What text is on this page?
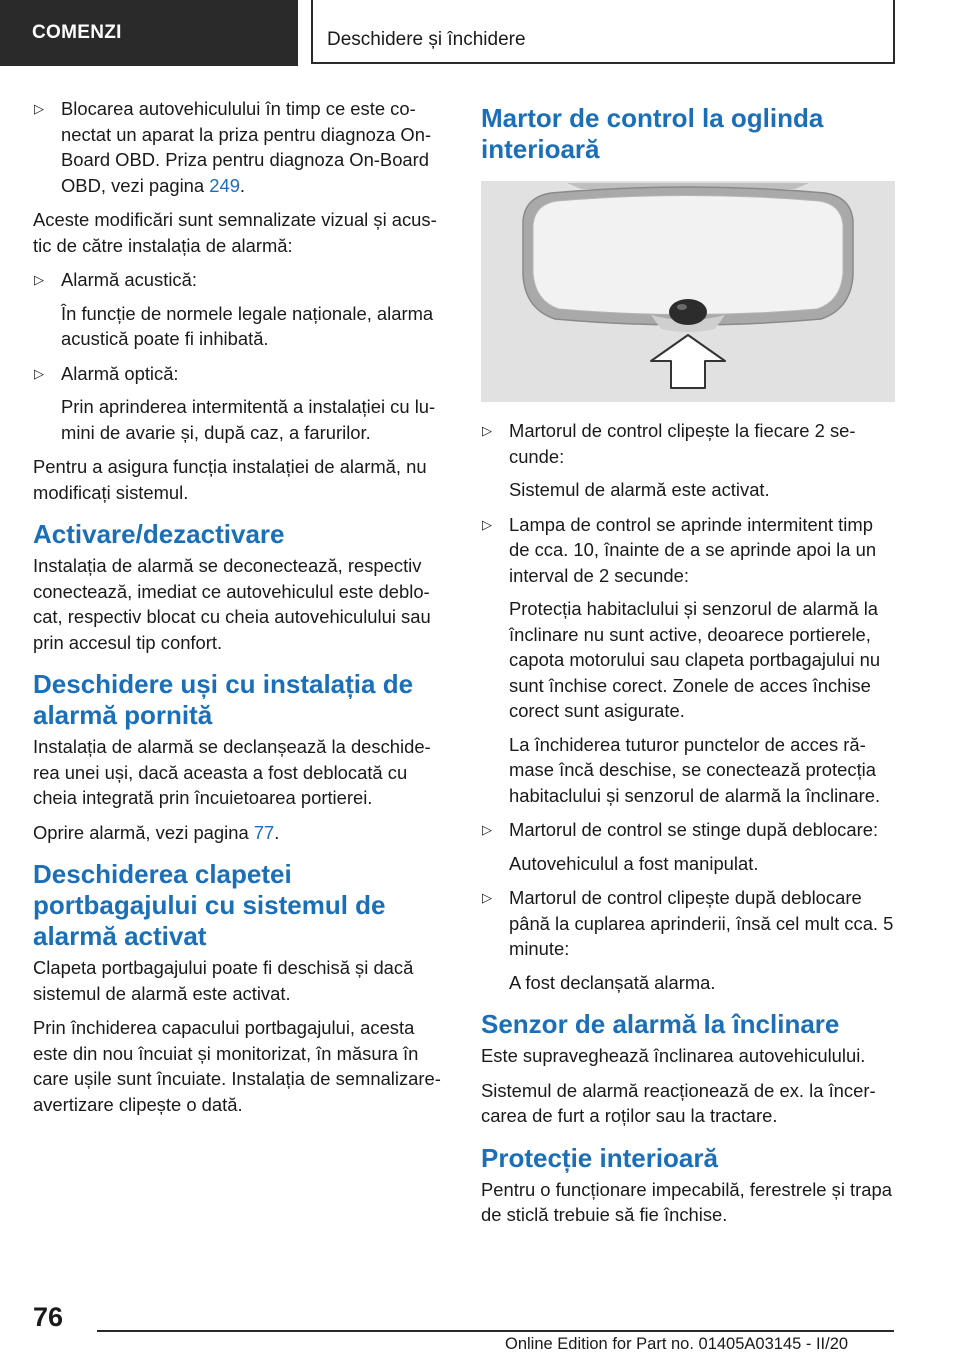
COMENZI	Deschidere și închidere
▷ Blocarea autovehiculului în timp ce este co-nectat un aparat la priza pentru diagnoza On-Board OBD. Priza pentru diagnoza On-Board OBD, vezi pagina 249.

Aceste modificări sunt semnalizate vizual și acus-tic de către instalația de alarmă:

▷ Alarmă acustică:

În funcție de normele legale naționale, alarma acustică poate fi inhibată.

▷ Alarmă optică:

Prin aprinderea intermitentă a instalației cu lu-mini de avarie și, după caz, a farurilor.

Pentru a asigura funcția instalației de alarmă, nu modificați sistemul.

Activare/dezactivare

Instalația de alarmă se deconectează, respectiv conectează, imediat ce autovehiculul este deblo-cat, respectiv blocat cu cheia autovehiculului sau prin accesul tip confort.

Deschidere uși cu instalația de alarmă pornită

Instalația de alarmă se declanșează la deschide-rea unei uși, dacă aceasta a fost deblocată cu cheia integrată prin încuietoarea portierei.

Oprire alarmă, vezi pagina 77.

Deschiderea clapetei portbagajului cu sistemul de alarmă activat

Clapeta portbagajului poate fi deschisă și dacă sistemul de alarmă este activat.

Prin închiderea capacului portbagajului, acesta este din nou încuiat și monitorizat, în măsura în care ușile sunt încuiate. Instalația de semnalizare-avertizare clipește o dată.

Martor de control la oglinda interioară
▷ Martorul de control clipește la fiecare 2 se-cunde:

Sistemul de alarmă este activat.

▷ Lampa de control se aprinde intermitent timp de cca. 10, înainte de a se aprinde apoi la un interval de 2 secunde:

Protecția habitaclului și senzorul de alarmă la înclinare nu sunt active, deoarece portierele, capota motorului sau clapeta portbagajului nu sunt închise corect. Zonele de acces închise corect sunt asigurate.

La închiderea tuturor punctelor de acces ră-mase încă deschise, se conectează protecția habitaclului și senzorul de alarmă la înclinare.

▷ Martorul de control se stinge după deblocare:

Autovehiculul a fost manipulat.

▷ Martorul de control clipește după deblocare până la cuplarea aprinderii, însă cel mult cca. 5 minute:

A fost declanșată alarma.

Senzor de alarmă la înclinare

Este supraveghează înclinarea autovehiculului.

Sistemul de alarmă reacționează de ex. la încer-carea de furt a roților sau la tractare.

Protecție interioară

Pentru o funcționare impecabilă, ferestrele și trapa de sticlă trebuie să fie închise.

76
Online Edition for Part no. 01405A03145 - II/20
